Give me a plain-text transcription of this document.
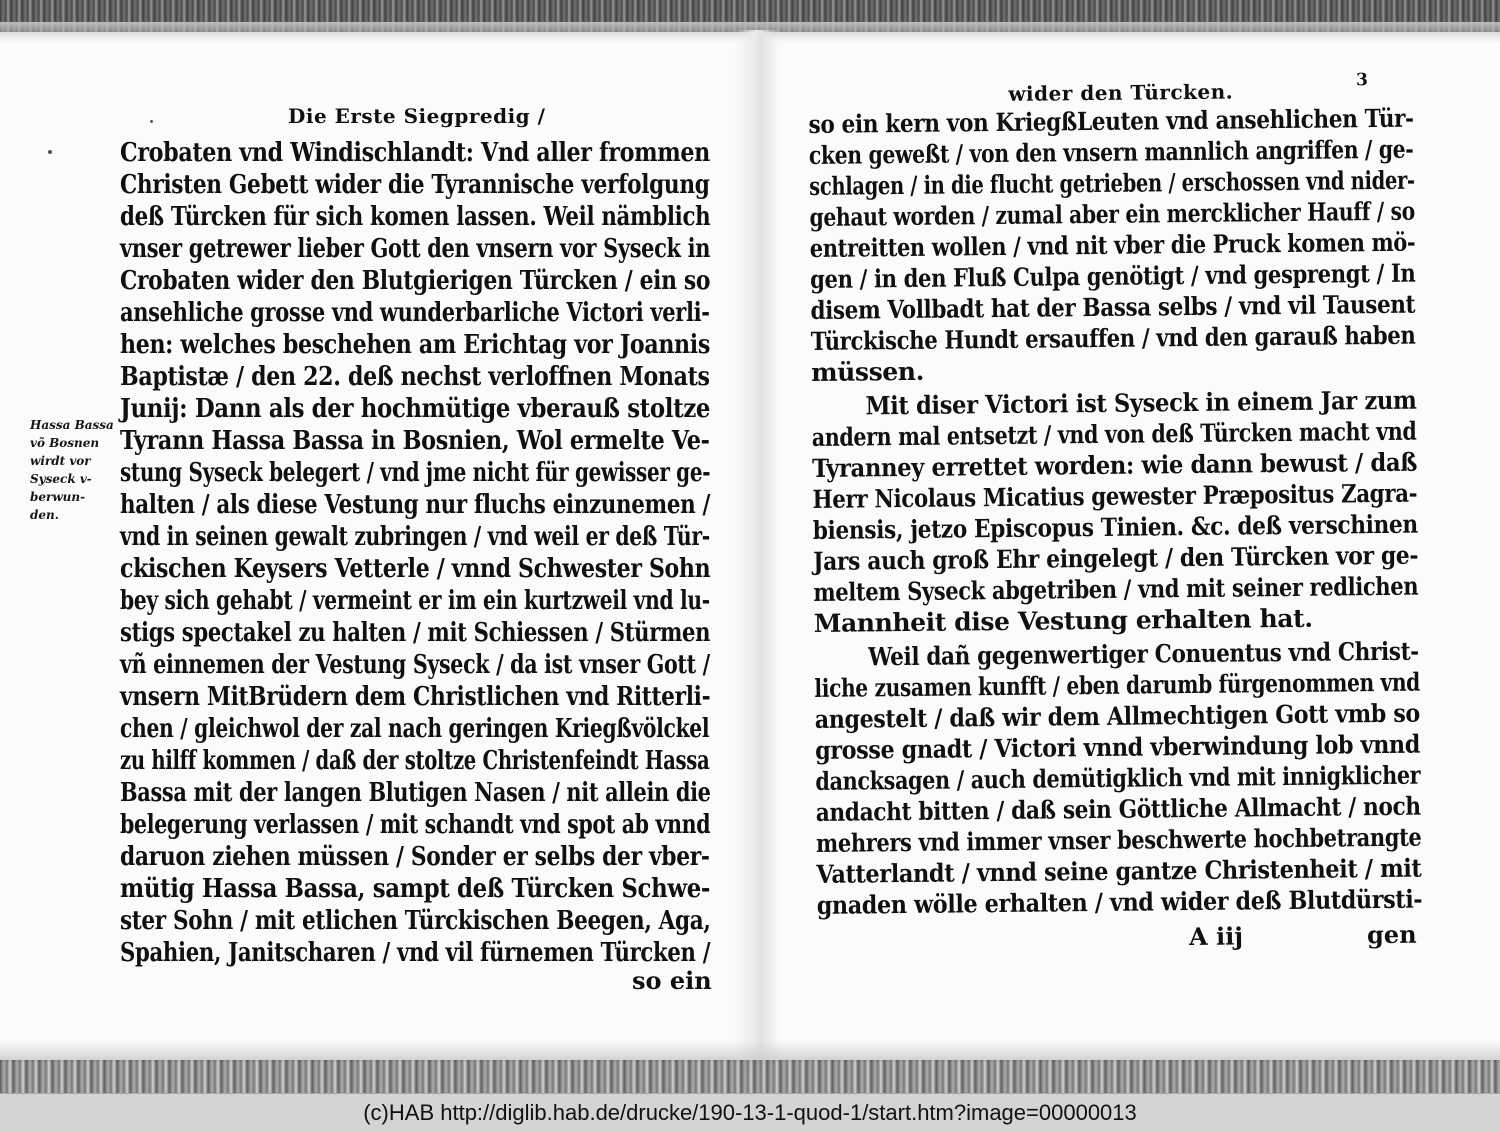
Die Erste Siegpredig /
Crobaten vnd Windischlandt: Vnd aller frommen
Christen Gebett wider die Tyrannische verfolgung
deß Türcken für sich komen lassen. Weil nämblich
vnser getrewer lieber Gott den vnsern vor Syseck in
Crobaten wider den Blutgierigen Türcken / ein so
ansehliche grosse vnd wunderbarliche Victori verli-
hen: welches beschehen am Erichtag vor Joannis
Baptistæ / den 22. deß nechst verloffnen Monats
Junij: Dann als der hochmütige vberauß stoltze
Tyrann Hassa Bassa in Bosnien, Wol ermelte Ve-
stung Syseck belegert / vnd jme nicht für gewisser ge-
halten / als diese Vestung nur fluchs einzunemen /
vnd in seinen gewalt zubringen / vnd weil er deß Tür-
ckischen Keysers Vetterle / vnnd Schwester Sohn
bey sich gehabt / vermeint er im ein kurtzweil vnd lu-
stigs spectakel zu halten / mit Schiessen / Stürmen
vñ einnemen der Vestung Syseck / da ist vnser Gott /
vnsern MitBrüdern dem Christlichen vnd Ritterli-
chen / gleichwol der zal nach geringen Kriegßvölckel
zu hilff kommen / daß der stoltze Christenfeindt Hassa
Bassa mit der langen Blutigen Nasen / nit allein die
belegerung verlassen / mit schandt vnd spot ab vnnd
daruon ziehen müssen / Sonder er selbs der vber-
mütig Hassa Bassa, sampt deß Türcken Schwe-
ster Sohn / mit etlichen Türckischen Beegen, Aga,
Spahien, Janitscharen / vnd vil fürnemen Türcken /
so ein
Hassa Bassa
võ Bosnen
wirdt vor
Syseck v-
berwun-
den.
wider den Türcken.	3
so ein kern von KriegßLeuten vnd ansehlichen Tür-
cken geweßt / von den vnsern mannlich angriffen / ge-
schlagen / in die flucht getrieben / erschossen vnd nider-
gehaut worden / zumal aber ein mercklicher Hauff / so
entreitten wollen / vnd nit vber die Pruck komen mö-
gen / in den Fluß Culpa genötigt / vnd gesprengt / In
disem Vollbadt hat der Bassa selbs / vnd vil Tausent
Türckische Hundt ersauffen / vnd den garauß haben
müssen.
Mit diser Victori ist Syseck in einem Jar zum
andern mal entsetzt / vnd von deß Türcken macht vnd
Tyranney errettet worden: wie dann bewust / daß
Herr Nicolaus Micatius gewester Præpositus Zagra-
biensis, jetzo Episcopus Tinien. &c. deß verschinen
Jars auch groß Ehr eingelegt / den Türcken vor ge-
meltem Syseck abgetriben / vnd mit seiner redlichen
Mannheit dise Vestung erhalten hat.
Weil dañ gegenwertiger Conuentus vnd Christ-
liche zusamen kunfft / eben darumb fürgenommen vnd
angestelt / daß wir dem Allmechtigen Gott vmb so
grosse gnadt / Victori vnnd vberwindung lob vnnd
dancksagen / auch demütigklich vnd mit innigklicher
andacht bitten / daß sein Göttliche Allmacht / noch
mehrers vnd immer vnser beschwerte hochbetrangte
Vatterlandt / vnnd seine gantze Christenheit / mit
gnaden wölle erhalten / vnd wider deß Blutdürsti-
A iij	gen
(c)HAB http://diglib.hab.de/drucke/190-13-1-quod-1/start.htm?image=00000013
